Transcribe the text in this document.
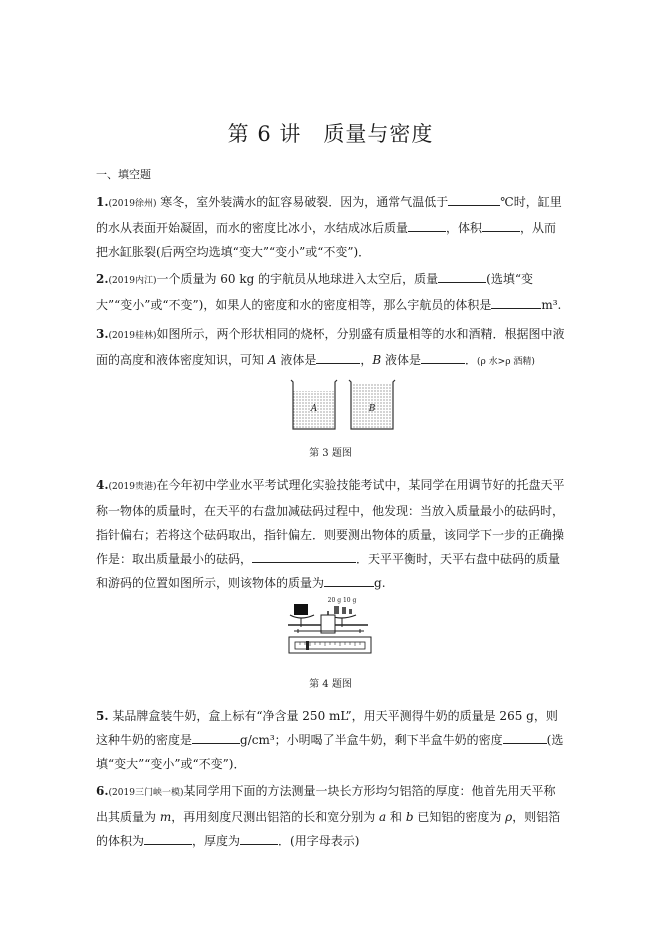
第 6 讲　质量与密度
一、填空题
1.(2019徐州) 寒冬，室外装满水的缸容易破裂．因为，通常气温低于	℃时，缸里的水从表面开始凝固，而水的密度比冰小，水结成冰后质量	，体积	，从而把水缸胀裂(后两空均选填“变大”“变小”或“不变”)．
2.(2019内江)一个质量为 60 kg 的宇航员从地球进入太空后，质量	(选填“变大”“变小”或“不变”)，如果人的密度和水的密度相等，那么宇航员的体积是	m³.
3.(2019桂林)如图所示，两个形状相同的烧杯，分别盛有质量相等的水和酒精．根据图中液面的高度和液体密度知识，可知 A 液体是	，B 液体是	．(ρ 水>ρ 酒精)
A	B
第 3 题图
4.(2019贵港)在今年初中学业水平考试理化实验技能考试中，某同学在用调节好的托盘天平称一物体的质量时，在天平的右盘加减砝码过程中，他发现：当放入质量最小的砝码时，指针偏右；若将这个砝码取出，指针偏左．则要测出物体的质量，该同学下一步的正确操作是：取出质量最小的砝码，	．天平平衡时，天平右盘中砝码的质量和游码的位置如图所示，则该物体的质量为	g.
20 g 10 g
第 4 题图
5. 某品牌盒装牛奶，盒上标有“净含量 250 mL”，用天平测得牛奶的质量是 265 g，则这种牛奶的密度是	g/cm³；小明喝了半盒牛奶，剩下半盒牛奶的密度	(选填“变大”“变小”或“不变”)．
6.(2019三门峡一模)某同学用下面的方法测量一块长方形均匀铝箔的厚度：他首先用天平称出其质量为 m，再用刻度尺测出铝箔的长和宽分别为 a 和 b 已知铝的密度为 ρ，则铝箔的体积为	，厚度为	．(用字母表示)
